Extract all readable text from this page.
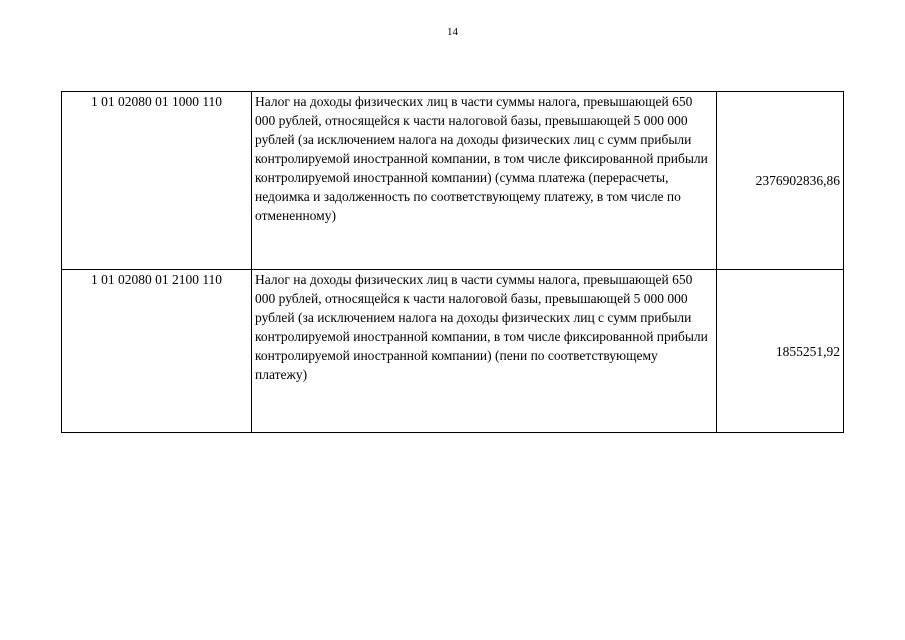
14
1 01 02080 01 1000 110	Налог на доходы физических лиц в части суммы налога, превышающей 650 000 рублей, относящейся к части налоговой базы, превышающей 5 000 000 рублей (за исключением налога на доходы физических лиц с сумм прибыли контролируемой иностранной компании, в том числе фиксированной прибыли контролируемой иностранной компании) (сумма платежа (перерасчеты, недоимка и задолженность по соответствующему платежу, в том числе по отмененному)	2376902836,86
1 01 02080 01 2100 110	Налог на доходы физических лиц в части суммы налога, превышающей 650 000 рублей, относящейся к части налоговой базы, превышающей 5 000 000 рублей (за исключением налога на доходы физических лиц с сумм прибыли контролируемой иностранной компании, в том числе фиксированной прибыли контролируемой иностранной компании) (пени по соответствующему платежу)	1855251,92
